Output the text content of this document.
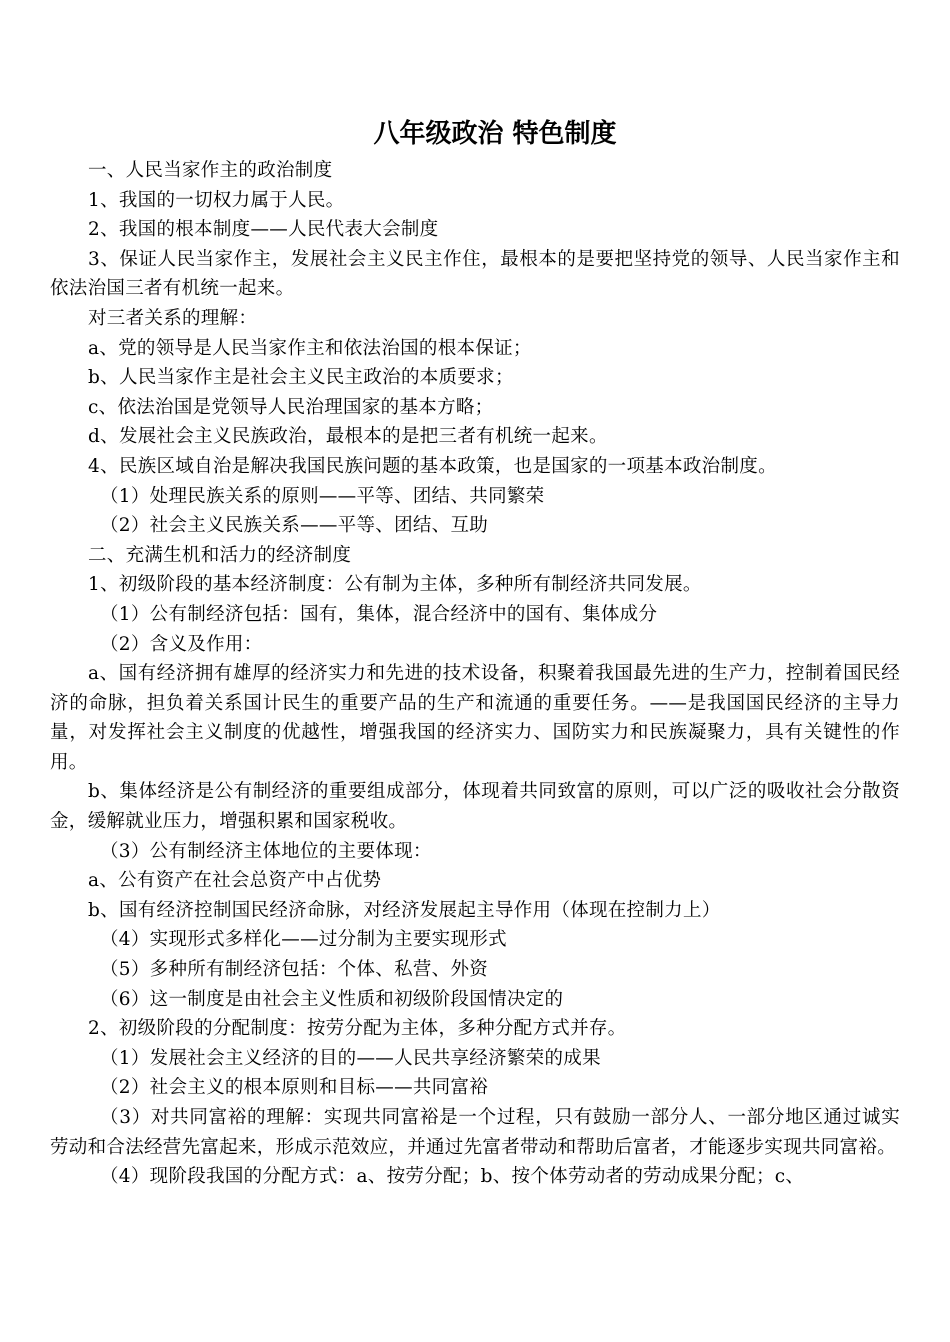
八年级政治 特色制度

一、人民当家作主的政治制度

1、我国的一切权力属于人民。

2、我国的根本制度——人民代表大会制度

3、保证人民当家作主，发展社会主义民主作住，最根本的是要把坚持党的领导、人民当家作主和依法治国三者有机统一起来。

对三者关系的理解：

a、党的领导是人民当家作主和依法治国的根本保证；

b、人民当家作主是社会主义民主政治的本质要求；

c、依法治国是党领导人民治理国家的基本方略；

d、发展社会主义民族政治，最根本的是把三者有机统一起来。

4、民族区域自治是解决我国民族问题的基本政策，也是国家的一项基本政治制度。

（1）处理民族关系的原则——平等、团结、共同繁荣

（2）社会主义民族关系——平等、团结、互助

二、充满生机和活力的经济制度

1、初级阶段的基本经济制度：公有制为主体，多种所有制经济共同发展。

（1）公有制经济包括：国有，集体，混合经济中的国有、集体成分

（2）含义及作用：

a、国有经济拥有雄厚的经济实力和先进的技术设备，积聚着我国最先进的生产力，控制着国民经济的命脉，担负着关系国计民生的重要产品的生产和流通的重要任务。——是我国国民经济的主导力量，对发挥社会主义制度的优越性，增强我国的经济实力、国防实力和民族凝聚力，具有关键性的作用。

b、集体经济是公有制经济的重要组成部分，体现着共同致富的原则，可以广泛的吸收社会分散资金，缓解就业压力，增强积累和国家税收。

（3）公有制经济主体地位的主要体现：

a、公有资产在社会总资产中占优势

b、国有经济控制国民经济命脉，对经济发展起主导作用（体现在控制力上）

（4）实现形式多样化——过分制为主要实现形式

（5）多种所有制经济包括：个体、私营、外资

（6）这一制度是由社会主义性质和初级阶段国情决定的

2、初级阶段的分配制度：按劳分配为主体，多种分配方式并存。

（1）发展社会主义经济的目的——人民共享经济繁荣的成果

（2）社会主义的根本原则和目标——共同富裕

（3）对共同富裕的理解：实现共同富裕是一个过程，只有鼓励一部分人、一部分地区通过诚实劳动和合法经营先富起来，形成示范效应，并通过先富者带动和帮助后富者，才能逐步实现共同富裕。

（4）现阶段我国的分配方式：a、按劳分配；b、按个体劳动者的劳动成果分配；c、
